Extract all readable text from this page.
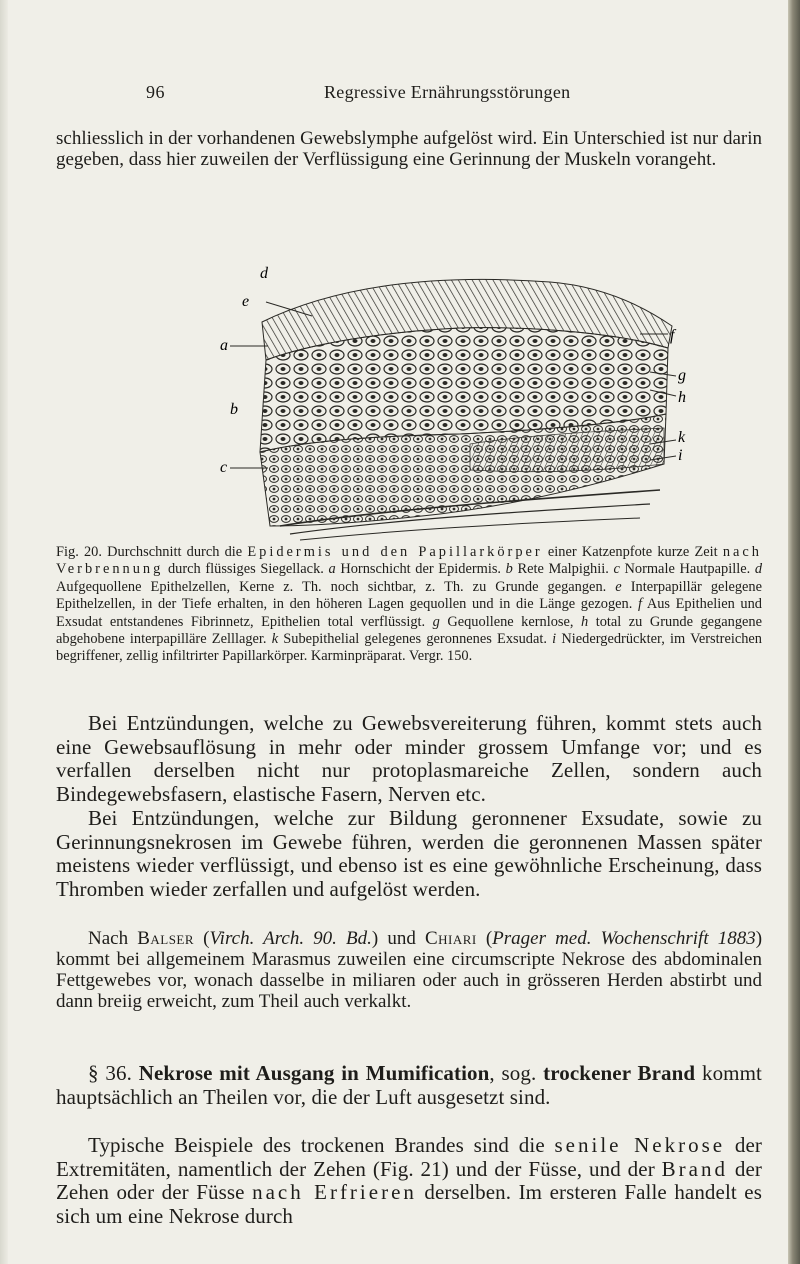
96	Regressive Ernährungsstörungen

schliesslich in der vorhandenen Gewebslymphe aufgelöst wird. Ein Unterschied ist nur darin gegeben, dass hier zuweilen der Verflüssigung eine Gerinnung der Muskeln vorangeht.

d
e
a
f
g
h
b
k
c
i

Fig. 20. Durchschnitt durch die Epidermis und den Papillarkörper einer Katzenpfote kurze Zeit nach Verbrennung durch flüssiges Siegellack. a Hornschicht der Epidermis. b Rete Malpighii. c Normale Hautpapille. d Aufgequollene Epithelzellen, Kerne z. Th. noch sichtbar, z. Th. zu Grunde gegangen. e Interpapillär gelegene Epithelzellen, in der Tiefe erhalten, in den höheren Lagen gequollen und in die Länge gezogen. f Aus Epithelien und Exsudat entstandenes Fibrinnetz, Epithelien total verflüssigt. g Gequollene kernlose, h total zu Grunde gegangene abgehobene interpapilläre Zelllager. k Subepithelial gelegenes geronnenes Exsudat. i Niedergedrückter, im Verstreichen begriffener, zellig infiltrirter Papillarkörper. Karminpräparat. Vergr. 150.

Bei Entzündungen, welche zu Gewebsvereiterung führen, kommt stets auch eine Gewebsauflösung in mehr oder minder grossem Umfange vor; und es verfallen derselben nicht nur protoplasmareiche Zellen, sondern auch Bindegewebsfasern, elastische Fasern, Nerven etc.

Bei Entzündungen, welche zur Bildung geronnener Exsudate, sowie zu Gerinnungsnekrosen im Gewebe führen, werden die geronnenen Massen später meistens wieder verflüssigt, und ebenso ist es eine gewöhnliche Erscheinung, dass Thromben wieder zerfallen und aufgelöst werden.

Nach Balser (Virch. Arch. 90. Bd.) und Chiari (Prager med. Wochenschrift 1883) kommt bei allgemeinem Marasmus zuweilen eine circumscripte Nekrose des abdominalen Fettgewebes vor, wonach dasselbe in miliaren oder auch in grösseren Herden abstirbt und dann breiig erweicht, zum Theil auch verkalkt.

§ 36. Nekrose mit Ausgang in Mumification, sog. trockener Brand kommt hauptsächlich an Theilen vor, die der Luft ausgesetzt sind.

Typische Beispiele des trockenen Brandes sind die senile Nekrose der Extremitäten, namentlich der Zehen (Fig. 21) und der Füsse, und der Brand der Zehen oder der Füsse nach Erfrieren derselben. Im ersteren Falle handelt es sich um eine Nekrose durch
